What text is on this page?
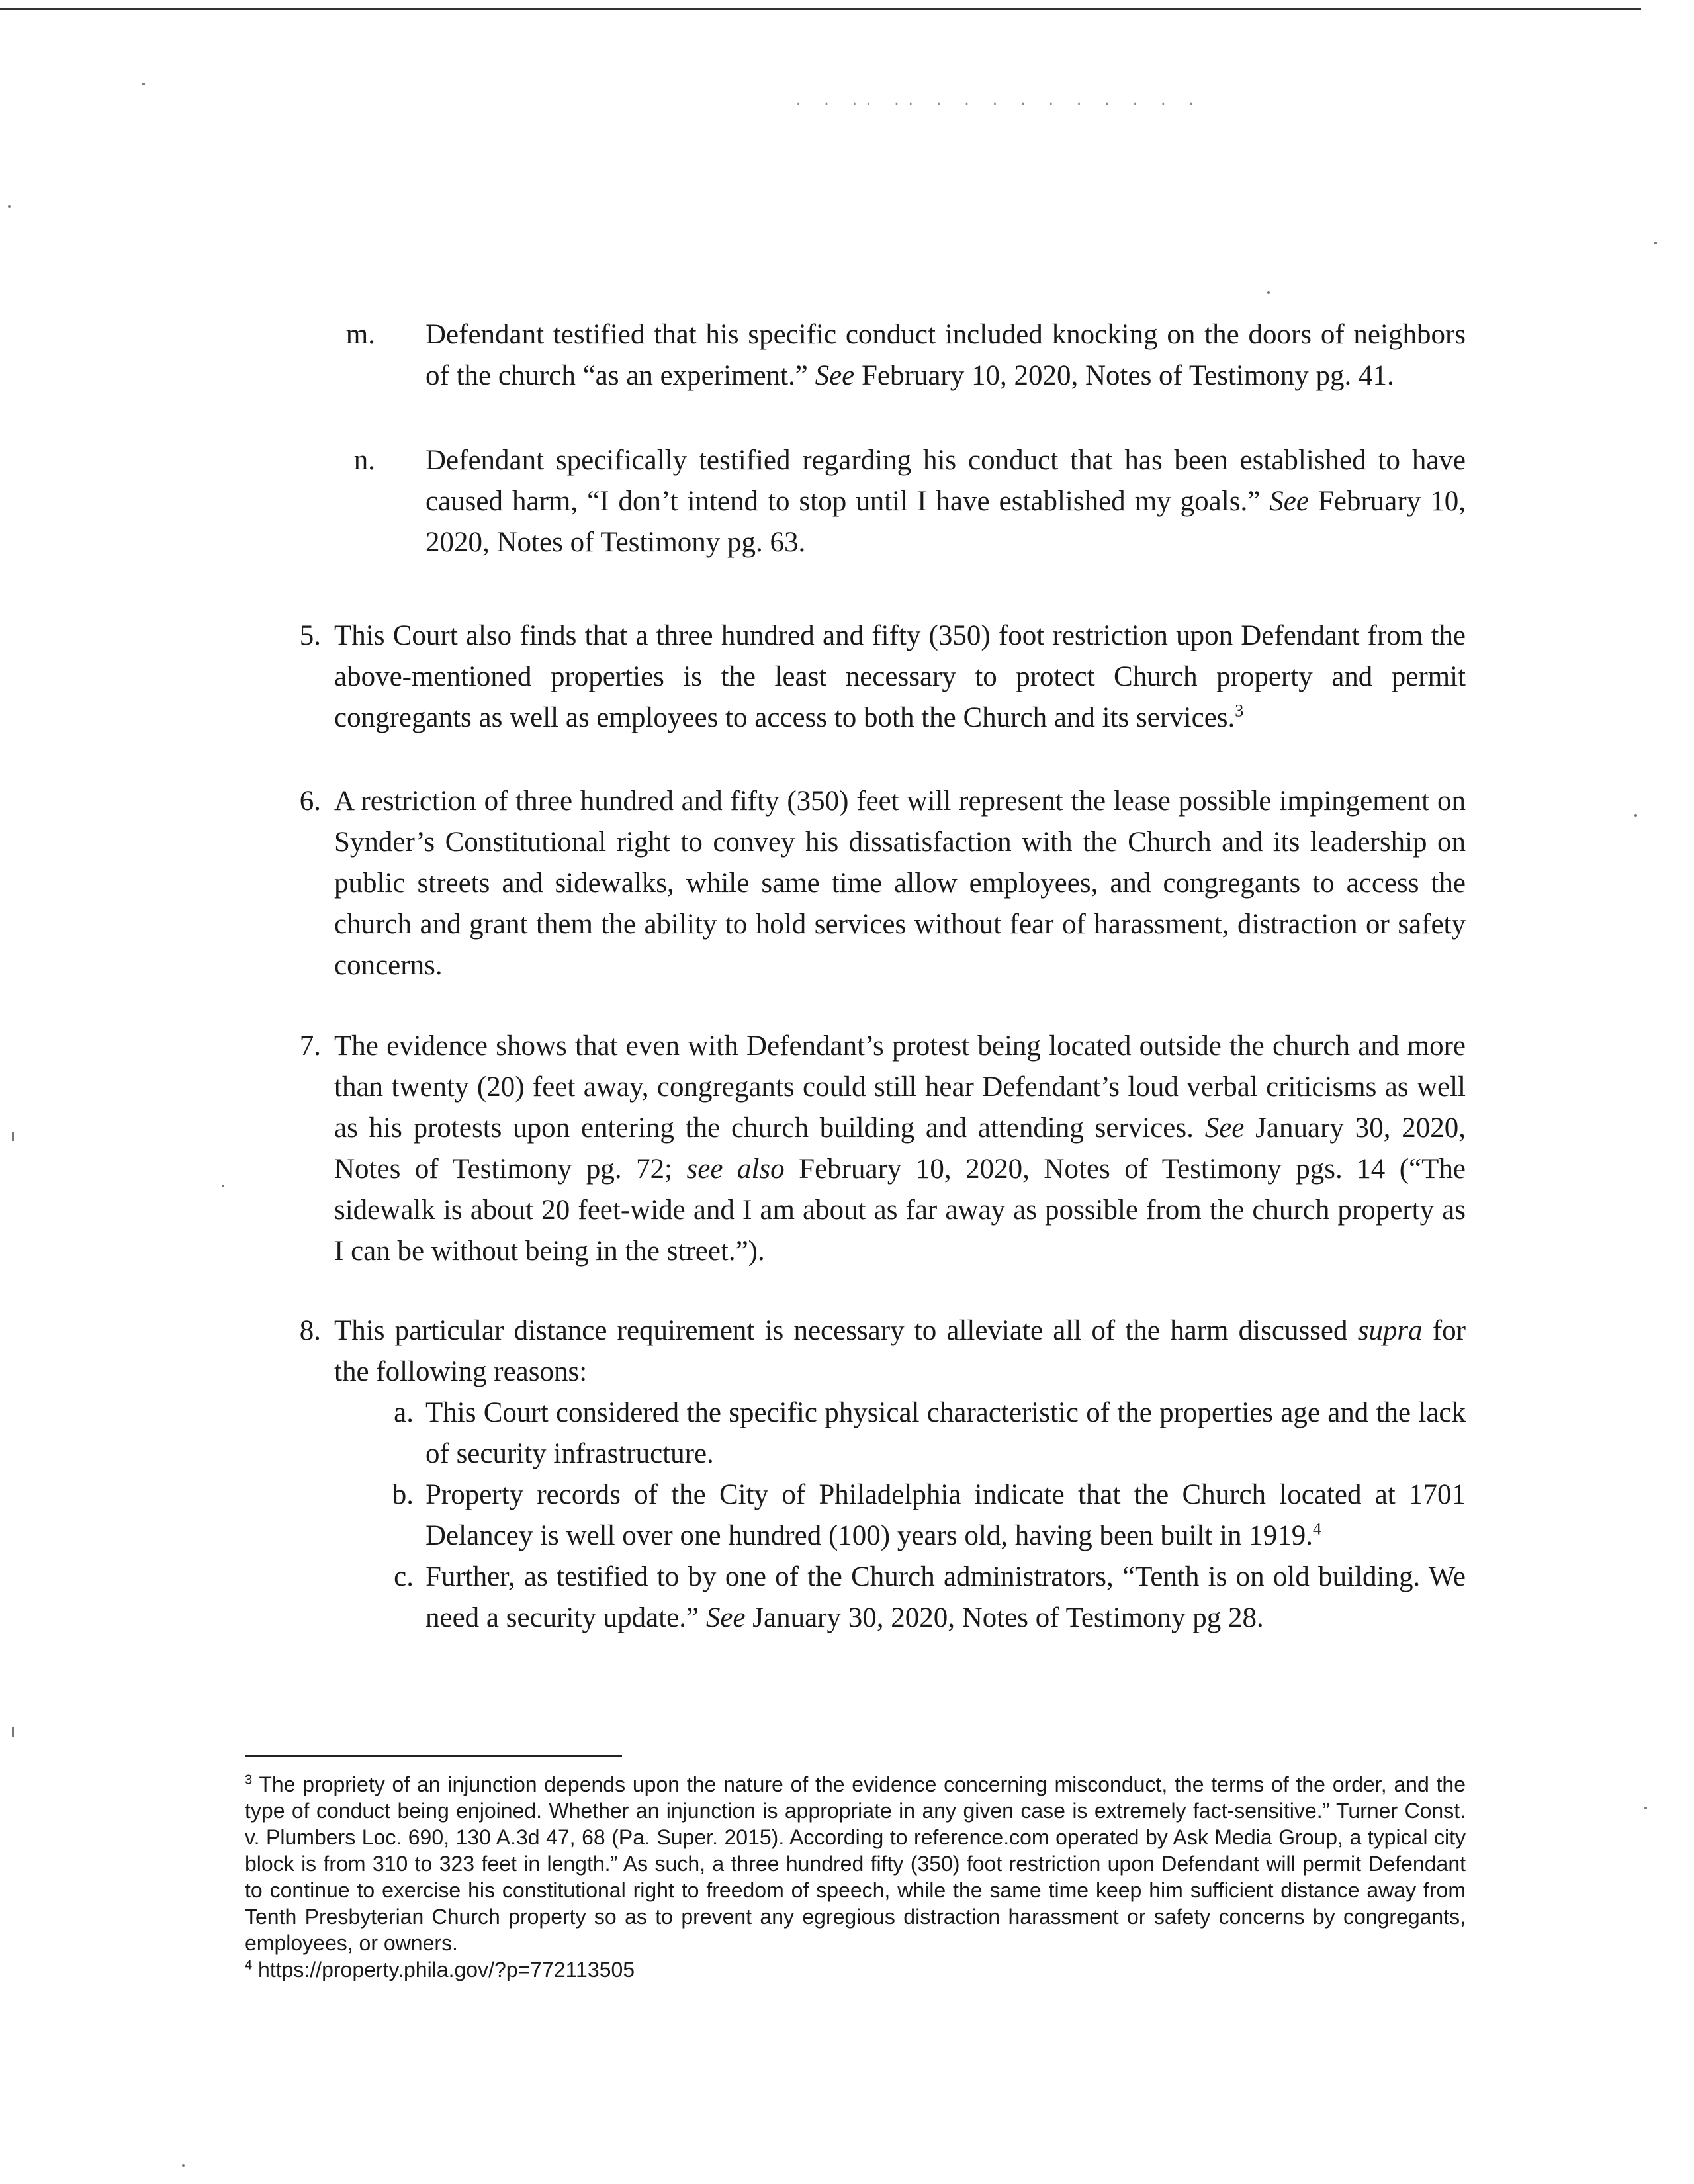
. . .. .. . . . . . . . . . .
m. Defendant testified that his specific conduct included knocking on the doors of neighbors of the church “as an experiment.” See February 10, 2020, Notes of Testimony pg. 41.
n. Defendant specifically testified regarding his conduct that has been established to have caused harm, “I don’t intend to stop until I have established my goals.” See February 10, 2020, Notes of Testimony pg. 63.
5. This Court also finds that a three hundred and fifty (350) foot restriction upon Defendant from the above-mentioned properties is the least necessary to protect Church property and permit congregants as well as employees to access to both the Church and its services.$^3$
6. A restriction of three hundred and fifty (350) feet will represent the lease possible impingement on Synder’s Constitutional right to convey his dissatisfaction with the Church and its leadership on public streets and sidewalks, while same time allow employees, and congregants to access the church and grant them the ability to hold services without fear of harassment, distraction or safety concerns.
7. The evidence shows that even with Defendant’s protest being located outside the church and more than twenty (20) feet away, congregants could still hear Defendant’s loud verbal criticisms as well as his protests upon entering the church building and attending services. See January 30, 2020, Notes of Testimony pg. 72; see also February 10, 2020, Notes of Testimony pgs. 14 (“The sidewalk is about 20 feet-wide and I am about as far away as possible from the church property as I can be without being in the street.”).
8. This particular distance requirement is necessary to alleviate all of the harm discussed supra for the following reasons:
a. This Court considered the specific physical characteristic of the properties age and the lack of security infrastructure.
b. Property records of the City of Philadelphia indicate that the Church located at 1701 Delancey is well over one hundred (100) years old, having been built in 1919.$^4$
c. Further, as testified to by one of the Church administrators, “Tenth is on old building. We need a security update.” See January 30, 2020, Notes of Testimony pg 28.

$^3$ The propriety of an injunction depends upon the nature of the evidence concerning misconduct, the terms of the order, and the type of conduct being enjoined. Whether an injunction is appropriate in any given case is extremely fact-sensitive.” Turner Const. v. Plumbers Loc. 690, 130 A.3d 47, 68 (Pa. Super. 2015). According to reference.com operated by Ask Media Group, a typical city block is from 310 to 323 feet in length.” As such, a three hundred fifty (350) foot restriction upon Defendant will permit Defendant to continue to exercise his constitutional right to freedom of speech, while the same time keep him sufficient distance away from Tenth Presbyterian Church property so as to prevent any egregious distraction harassment or safety concerns by congregants, employees, or owners.

$^4$ https://property.phila.gov/?p=772113505
